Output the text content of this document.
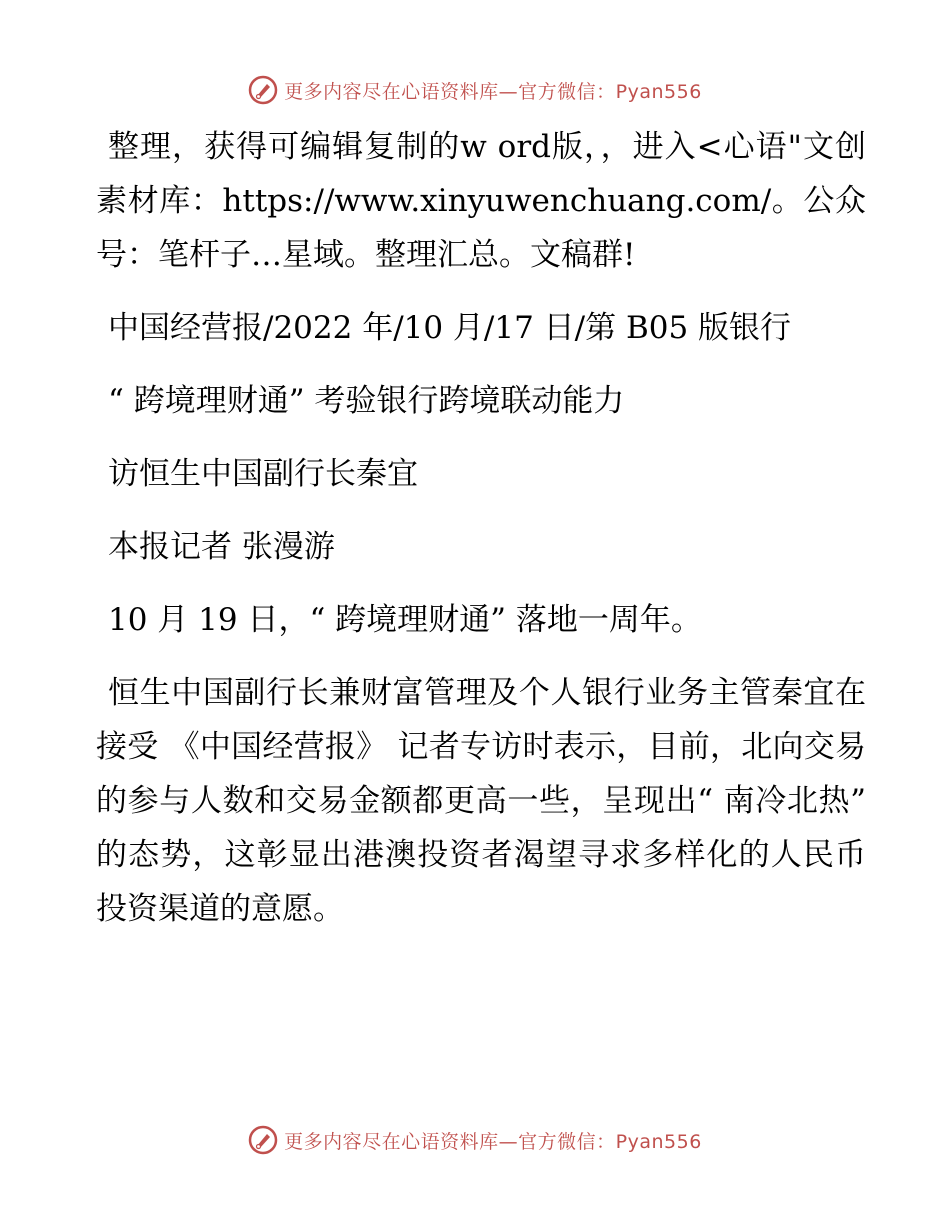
更多内容尽在心语资料库—官方微信：Pyan556

整理，获得可编辑复制的w ord版，，进入<心语"文创素材库：https://www.xinyuwenchuang.com/。公众号：笔杆子…星域。整理汇总。文稿群!

中国经营报/2022 年/10 月/17 日/第 B05 版银行

“ 跨境理财通” 考验银行跨境联动能力

访恒生中国副行长秦宜

本报记者 张漫游

10 月 19 日，“ 跨境理财通” 落地一周年。

恒生中国副行长兼财富管理及个人银行业务主管秦宜在接受 《中国经营报》 记者专访时表示，目前，北向交易的参与人数和交易金额都更高一些，呈现出“ 南冷北热” 的态势，这彰显出港澳投资者渴望寻求多样化的人民币投资渠道的意愿。

更多内容尽在心语资料库—官方微信：Pyan556
